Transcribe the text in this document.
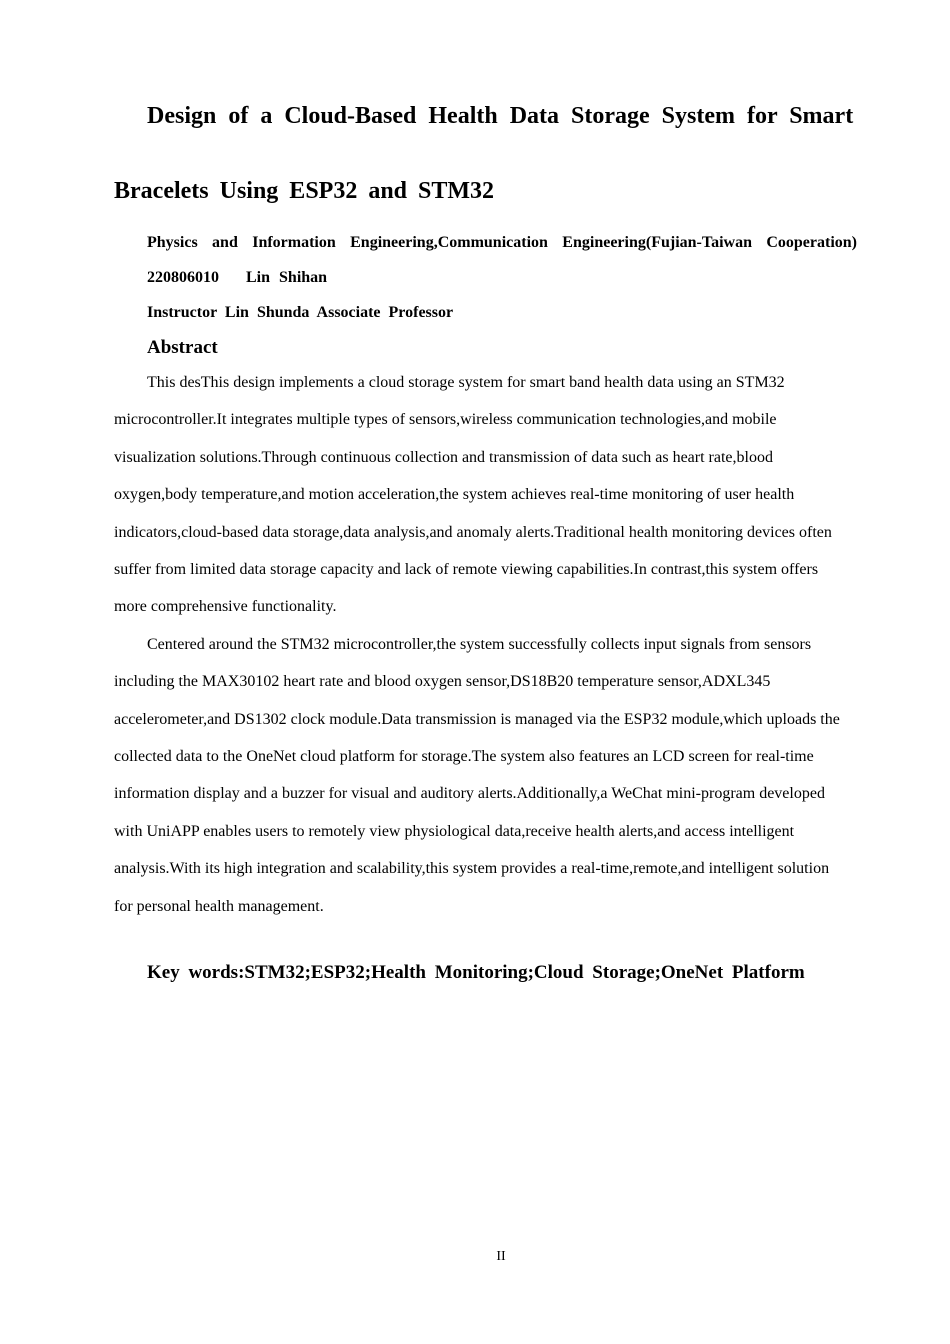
Design of a Cloud-Based Health Data Storage System for Smart
Bracelets Using ESP32 and STM32
Physics and Information Engineering,Communication Engineering(Fujian-Taiwan Cooperation)
220806010   Lin Shihan
Instructor Lin Shunda Associate Professor
Abstract

This desThis design implements a cloud storage system for smart band health data using an STM32 microcontroller.It integrates multiple types of sensors,wireless communication technologies,and mobile visualization solutions.Through continuous collection and transmission of data such as heart rate,blood oxygen,body temperature,and motion acceleration,the system achieves real-time monitoring of user health indicators,cloud-based data storage,data analysis,and anomaly alerts.Traditional health monitoring devices often suffer from limited data storage capacity and lack of remote viewing capabilities.In contrast,this system offers more comprehensive functionality.

Centered around the STM32 microcontroller,the system successfully collects input signals from sensors including the MAX30102 heart rate and blood oxygen sensor,DS18B20 temperature sensor,ADXL345 accelerometer,and DS1302 clock module.Data transmission is managed via the ESP32 module,which uploads the collected data to the OneNet cloud platform for storage.The system also features an LCD screen for real-time information display and a buzzer for visual and auditory alerts.Additionally,a WeChat mini-program developed with UniAPP enables users to remotely view physiological data,receive health alerts,and access intelligent analysis.With its high integration and scalability,this system provides a real-time,remote,and intelligent solution for personal health management.

Key words:STM32;ESP32;Health Monitoring;Cloud Storage;OneNet Platform
II
